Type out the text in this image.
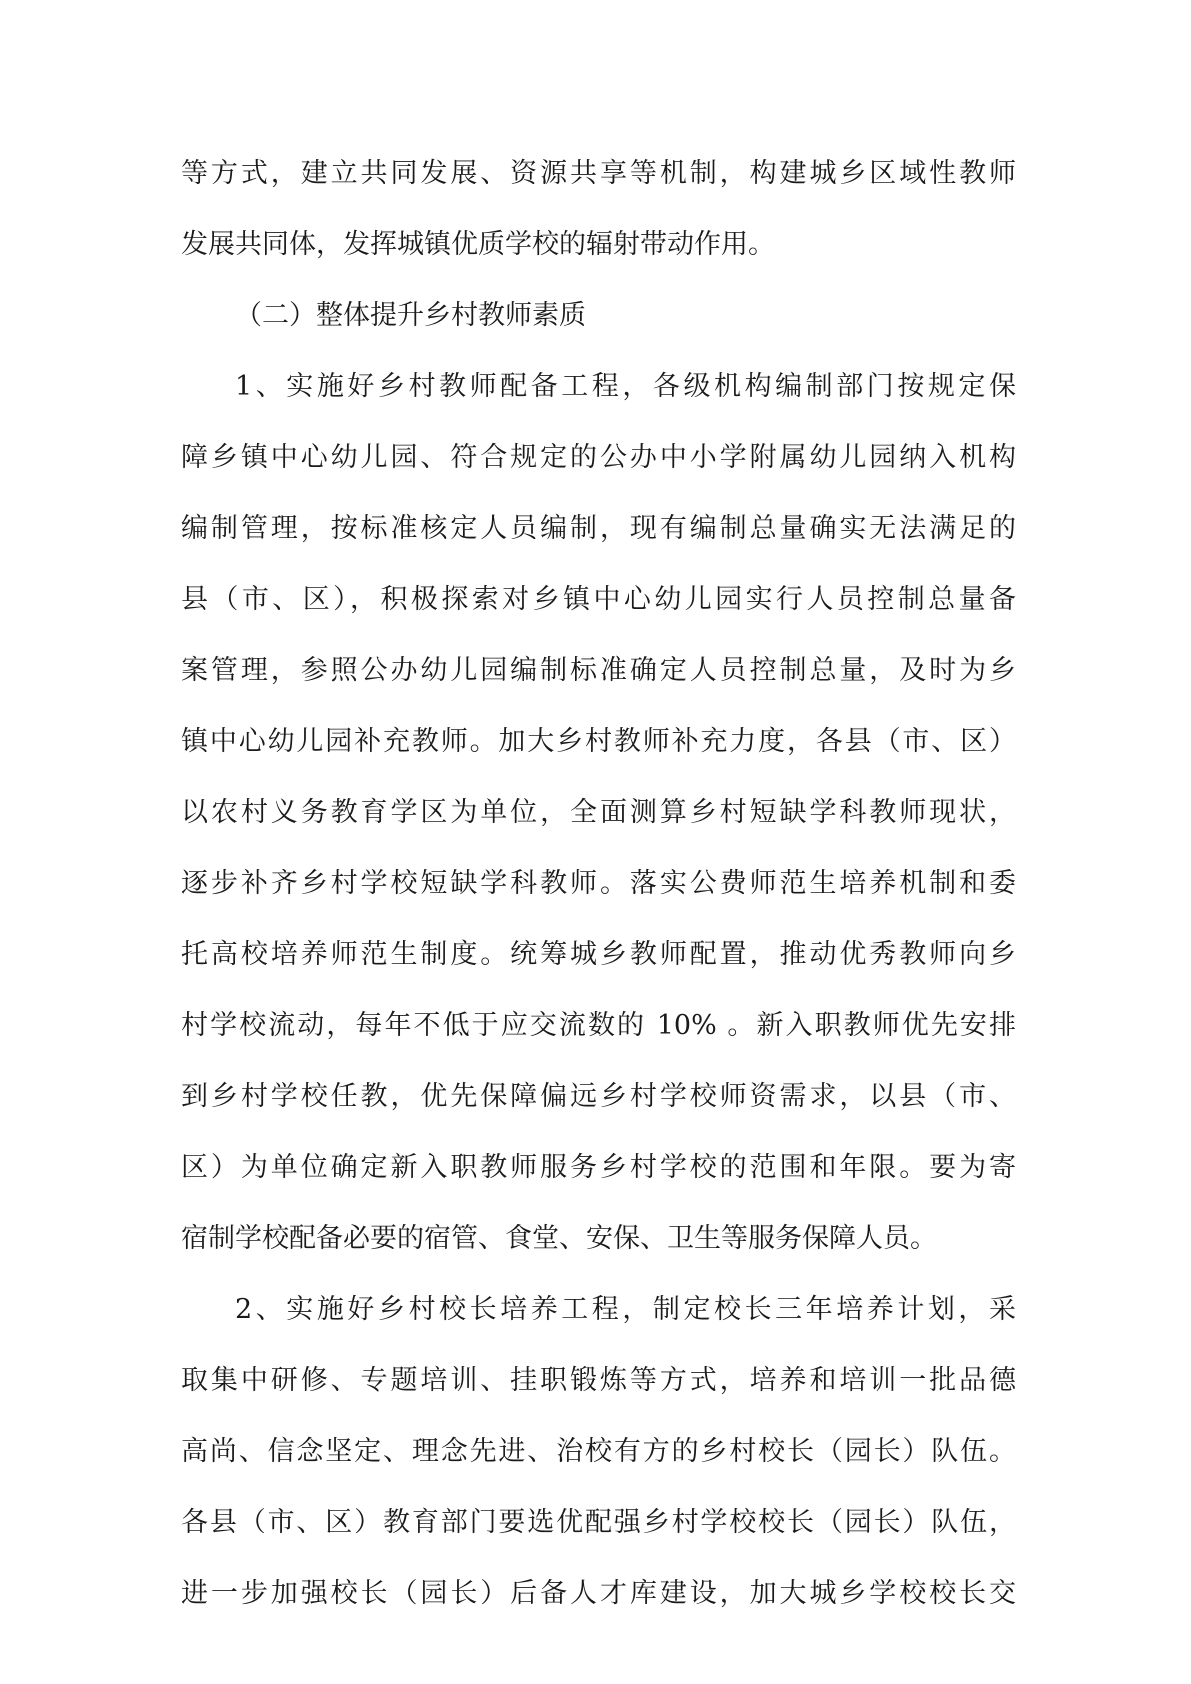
等方式，建立共同发展、资源共享等机制，构建城乡区域性教师
发展共同体，发挥城镇优质学校的辐射带动作用。
（二）整体提升乡村教师素质
1、实施好乡村教师配备工程，各级机构编制部门按规定保
障乡镇中心幼儿园、符合规定的公办中小学附属幼儿园纳入机构
编制管理，按标准核定人员编制，现有编制总量确实无法满足的
县（市、区），积极探索对乡镇中心幼儿园实行人员控制总量备
案管理，参照公办幼儿园编制标准确定人员控制总量，及时为乡
镇中心幼儿园补充教师。加大乡村教师补充力度，各县（市、区）
以农村义务教育学区为单位，全面测算乡村短缺学科教师现状，
逐步补齐乡村学校短缺学科教师。落实公费师范生培养机制和委
托高校培养师范生制度。统筹城乡教师配置，推动优秀教师向乡
村学校流动，每年不低于应交流数的 10% 。新入职教师优先安排
到乡村学校任教，优先保障偏远乡村学校师资需求，以县（市、
区）为单位确定新入职教师服务乡村学校的范围和年限。要为寄
宿制学校配备必要的宿管、食堂、安保、卫生等服务保障人员。
2、实施好乡村校长培养工程，制定校长三年培养计划，采
取集中研修、专题培训、挂职锻炼等方式，培养和培训一批品德
高尚、信念坚定、理念先进、治校有方的乡村校长（园长）队伍。
各县（市、区）教育部门要选优配强乡村学校校长（园长）队伍，
进一步加强校长（园长）后备人才库建设，加大城乡学校校长交
